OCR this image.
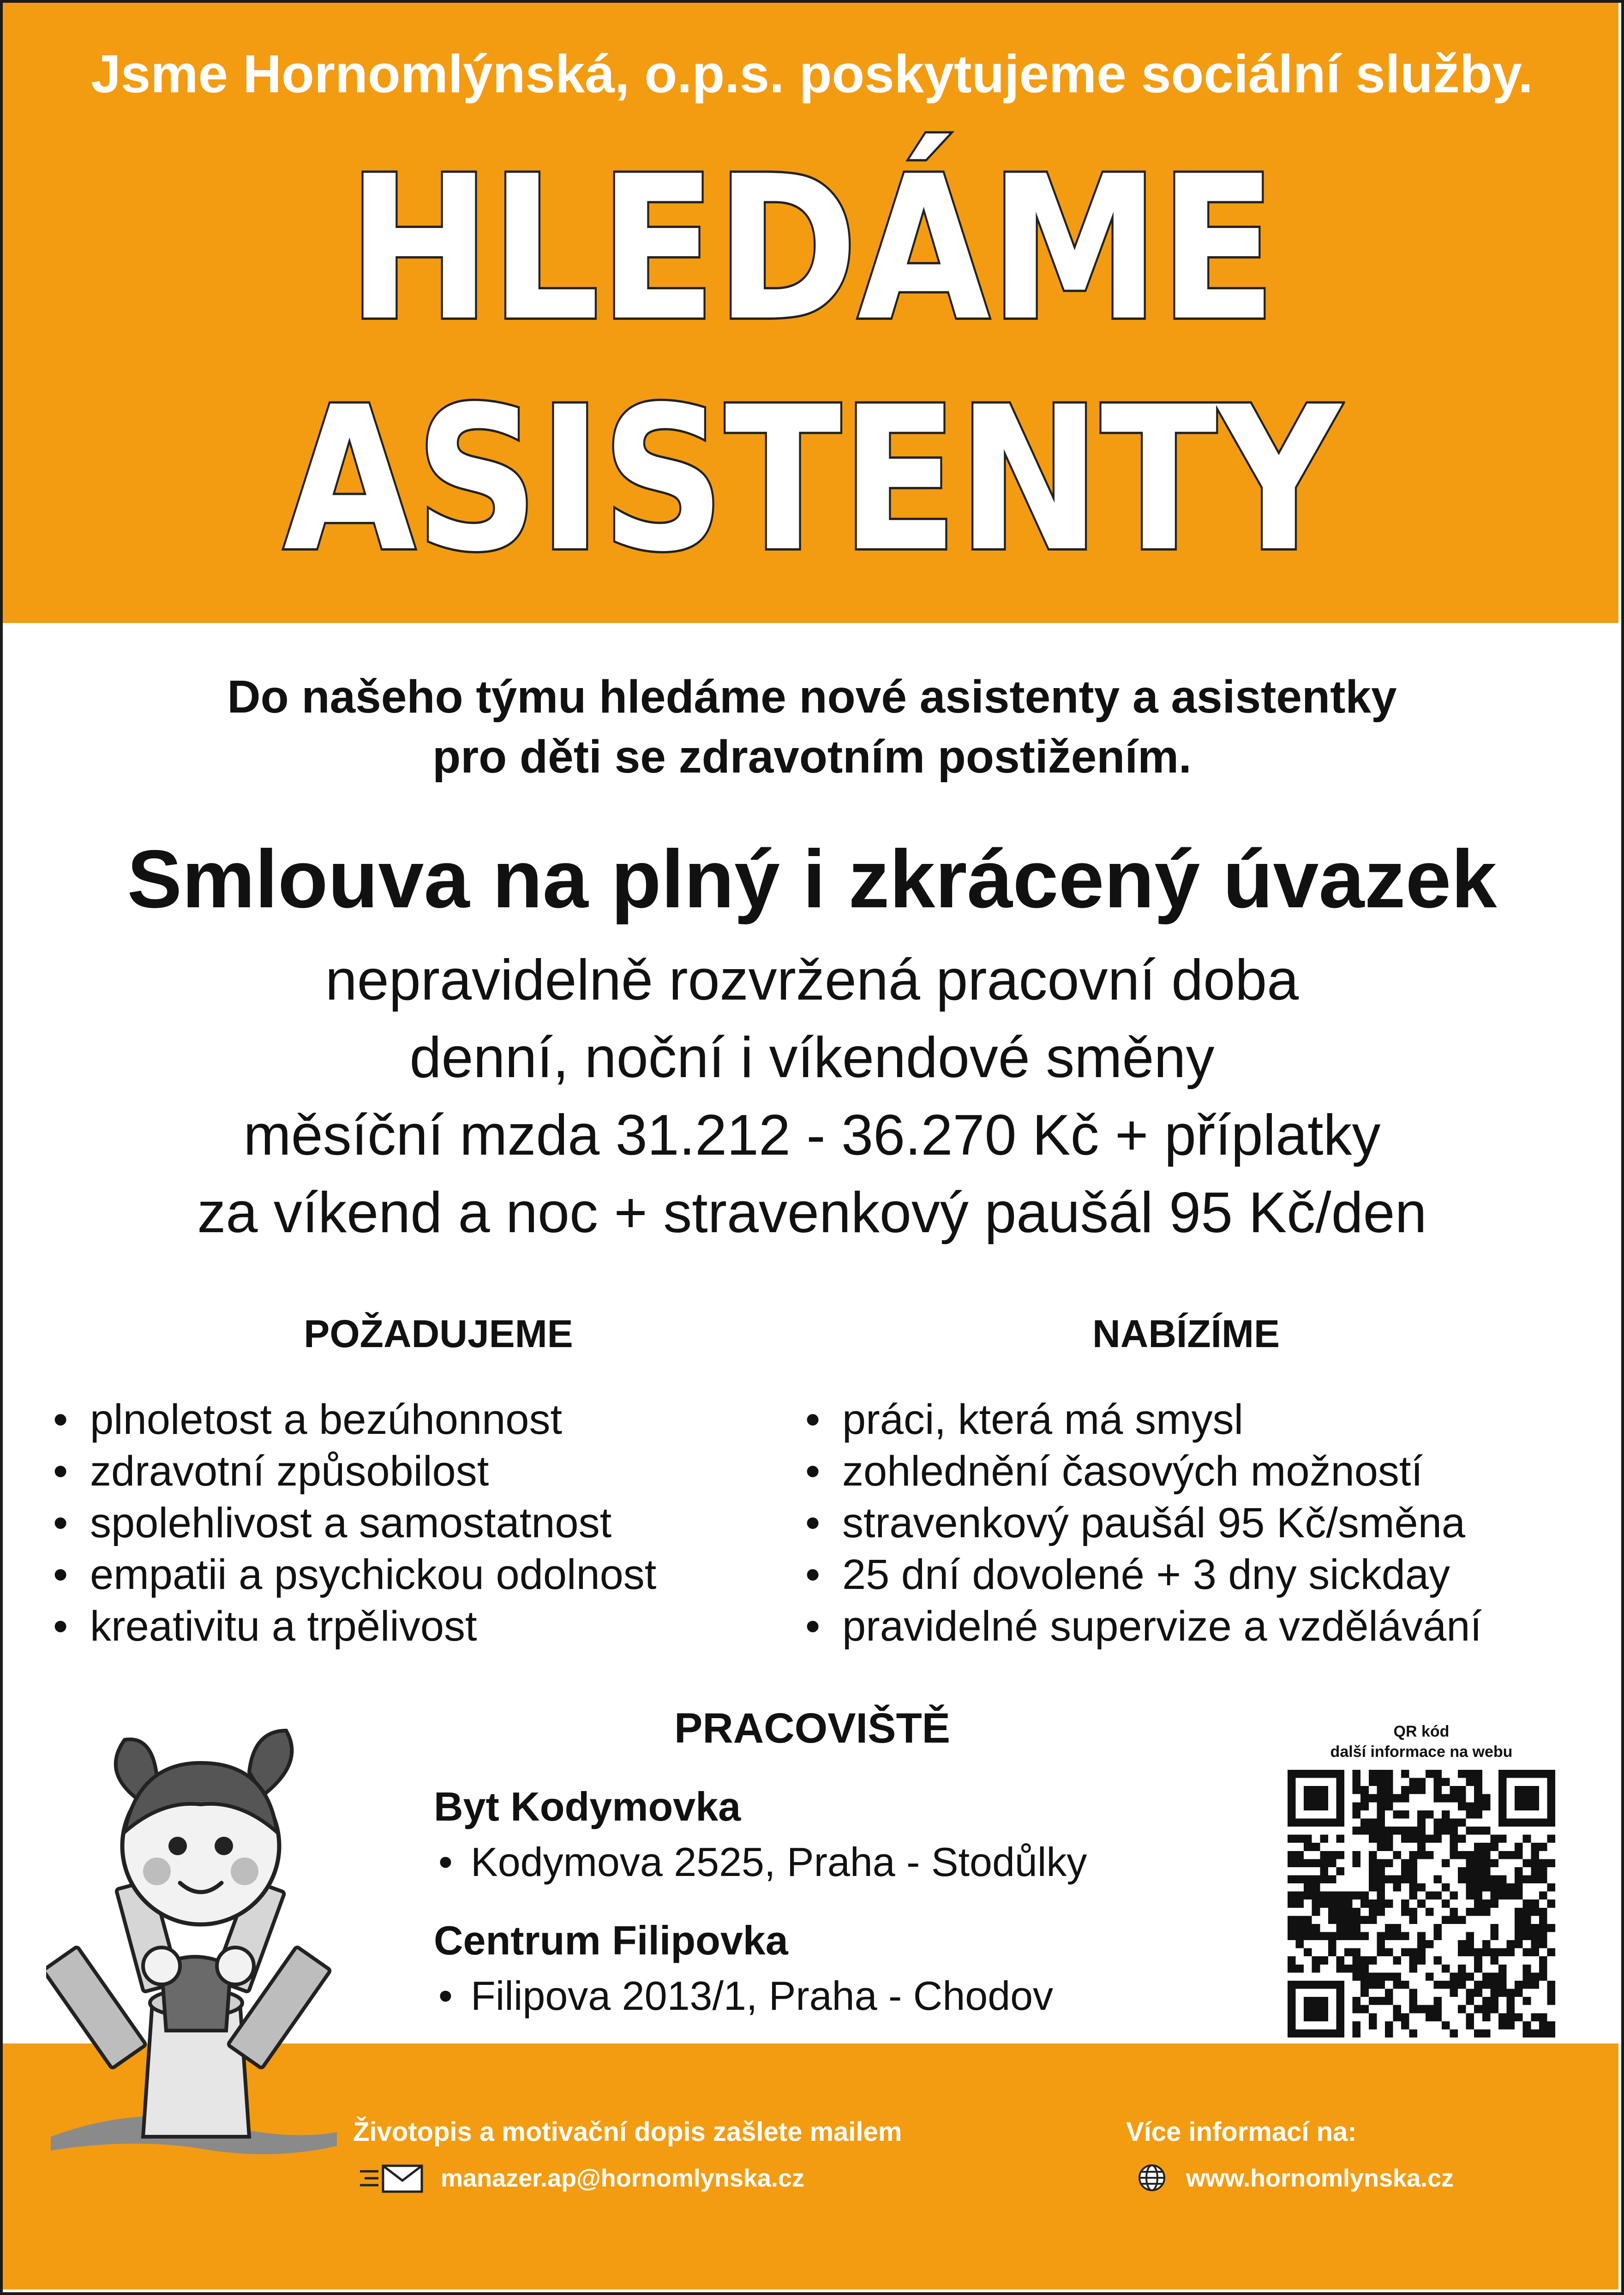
Jsme Hornomlýnská, o.p.s. poskytujeme sociální služby.
HLEDÁME
ASISTENTY
Do našeho týmu hledáme nové asistenty a asistentky
pro děti se zdravotním postižením.
Smlouva na plný i zkrácený úvazek
nepravidelně rozvržená pracovní doba
denní, noční i víkendové směny
měsíční mzda 31.212 - 36.270 Kč + příplatky
za víkend a noc + stravenkový paušál 95 Kč/den
POŽADUJEME	NABÍZÍME
• plnoletost a bezúhonnost
• zdravotní způsobilost
• spolehlivost a samostatnost
• empatii a psychickou odolnost
• kreativitu a trpělivost
• práci, která má smysl
• zohlednění časových možností
• stravenkový paušál 95 Kč/směna
• 25 dní dovolené + 3 dny sickday
• pravidelné supervize a vzdělávání
PRACOVIŠTĚ
Byt Kodymovka
• Kodymova 2525, Praha - Stodůlky
Centrum Filipovka
• Filipova 2013/1, Praha - Chodov
QR kód
další informace na webu
Životopis a motivační dopis zašlete mailem
manazer.ap@hornomlynska.cz
Více informací na:
www.hornomlynska.cz
